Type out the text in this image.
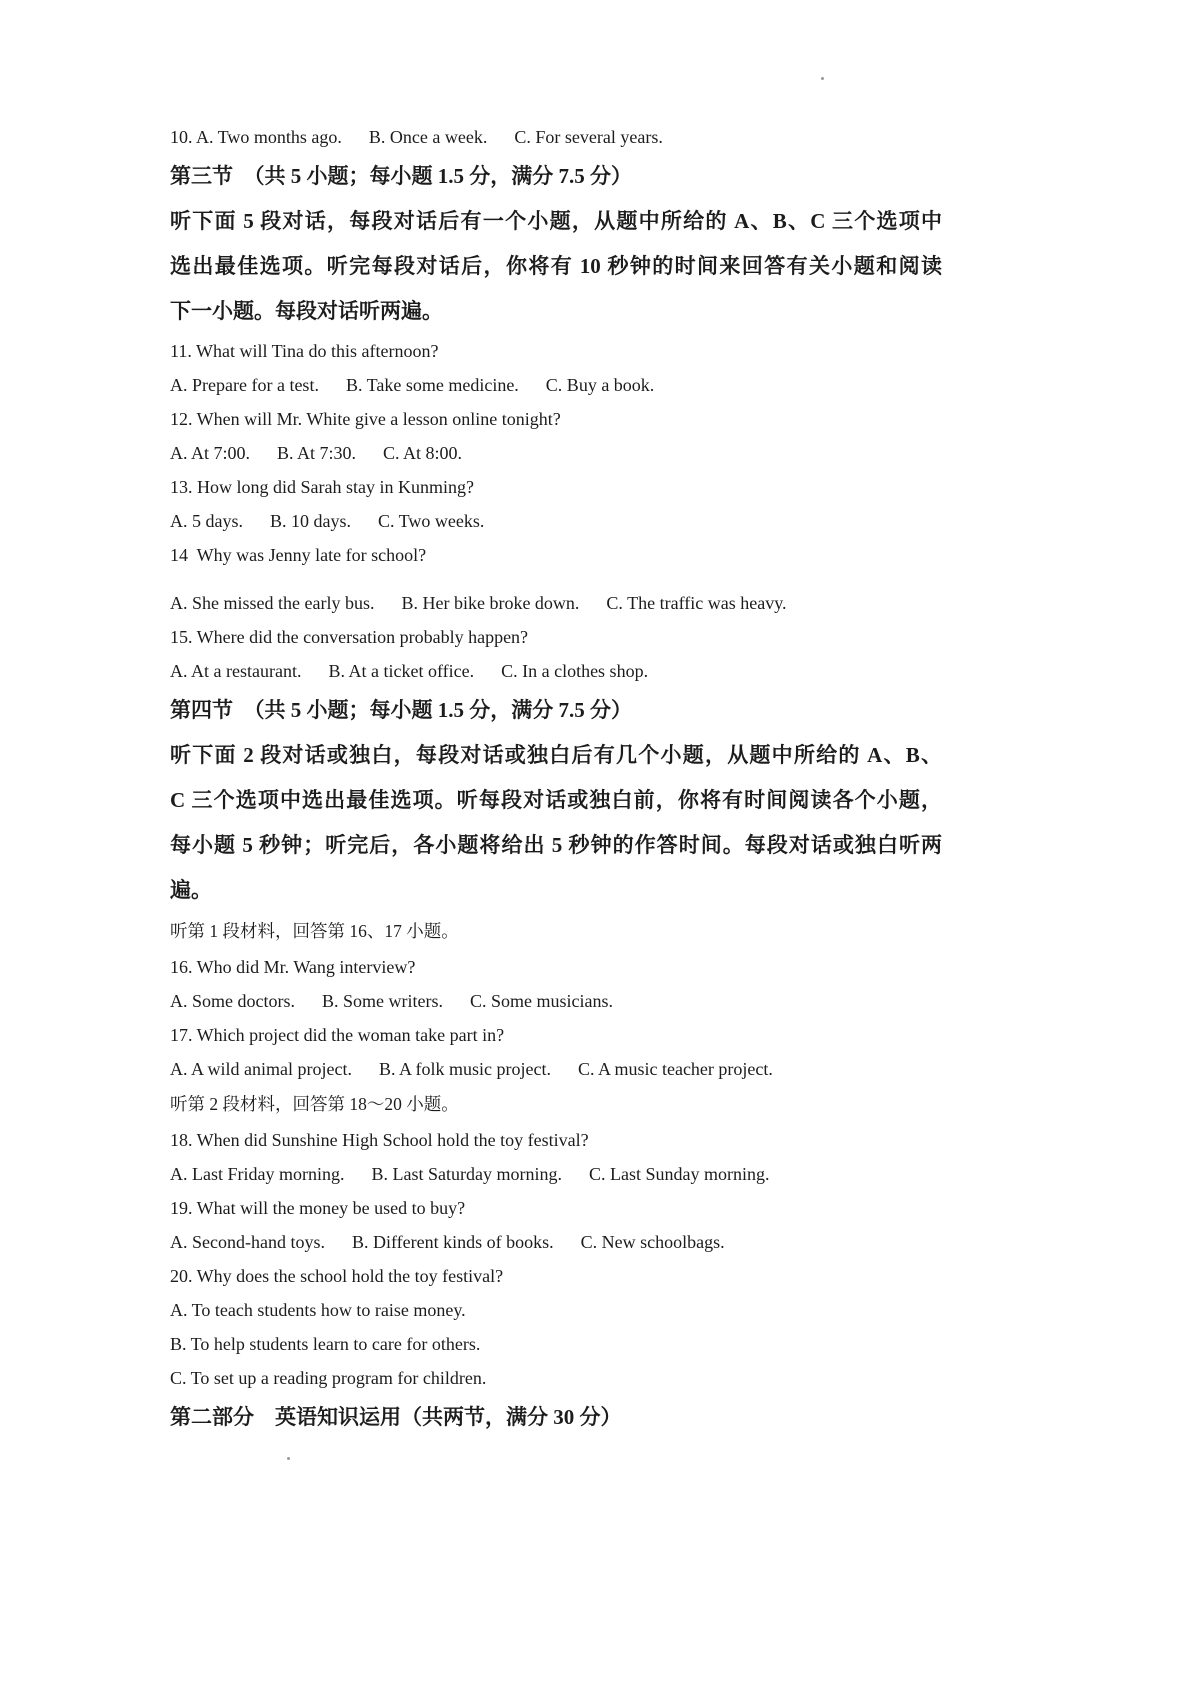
10. A. Two months ago.      B. Once a week.      C. For several years.

第三节　（共 5 小题；每小题 1.5 分，满分 7.5 分）

听下面 5 段对话，每段对话后有一个小题，从题中所给的 A、B、C 三个选项中

选出最佳选项。听完每段对话后，你将有 10 秒钟的时间来回答有关小题和阅读

下一小题。每段对话听两遍。

11. What will Tina do this afternoon?

A. Prepare for a test.      B. Take some medicine.      C. Buy a book.

12. When will Mr. White give a lesson online tonight?

A. At 7:00.      B. At 7:30.      C. At 8:00.

13. How long did Sarah stay in Kunming?

A. 5 days.      B. 10 days.      C. Two weeks.

14  Why was Jenny late for school?

A. She missed the early bus.      B. Her bike broke down.      C. The traffic was heavy.

15. Where did the conversation probably happen?

A. At a restaurant.      B. At a ticket office.      C. In a clothes shop.

第四节　（共 5 小题；每小题 1.5 分，满分 7.5 分）

听下面 2 段对话或独白，每段对话或独白后有几个小题，从题中所给的 A、B、

C 三个选项中选出最佳选项。听每段对话或独白前，你将有时间阅读各个小题，

每小题 5 秒钟；听完后，各小题将给出 5 秒钟的作答时间。每段对话或独白听两

遍。

听第 1 段材料，回答第 16、17 小题。

16. Who did Mr. Wang interview?

A. Some doctors.      B. Some writers.      C. Some musicians.

17. Which project did the woman take part in?

A. A wild animal project.      B. A folk music project.      C. A music teacher project.

听第 2 段材料，回答第 18～20 小题。

18. When did Sunshine High School hold the toy festival?

A. Last Friday morning.      B. Last Saturday morning.      C. Last Sunday morning.

19. What will the money be used to buy?

A. Second-hand toys.      B. Different kinds of books.      C. New schoolbags.

20. Why does the school hold the toy festival?

A. To teach students how to raise money.

B. To help students learn to care for others.

C. To set up a reading program for children.

第二部分　英语知识运用（共两节，满分 30 分）
